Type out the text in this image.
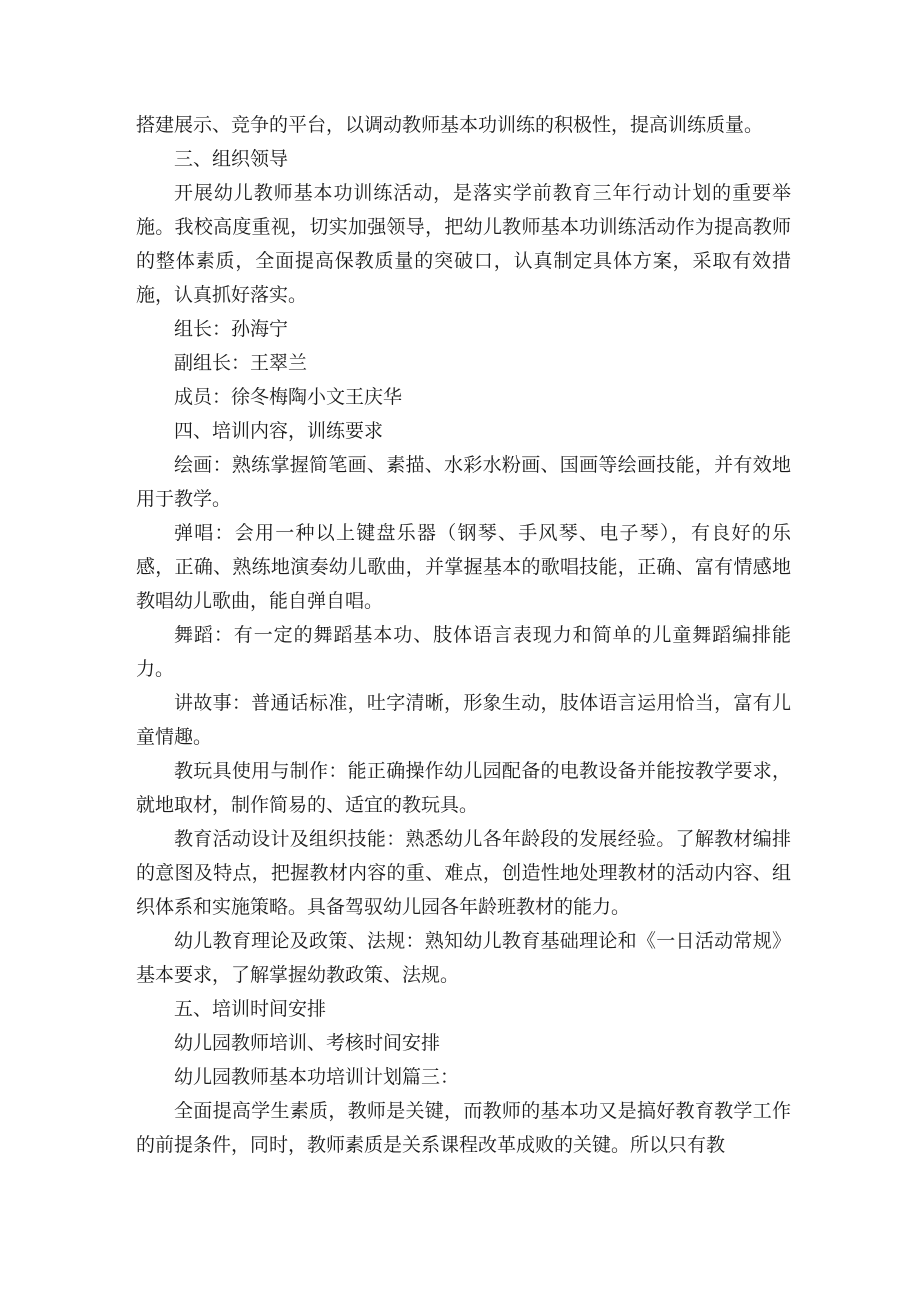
搭建展示、竞争的平台，以调动教师基本功训练的积极性，提高训练质量。

三、组织领导

开展幼儿教师基本功训练活动，是落实学前教育三年行动计划的重要举施。我校高度重视，切实加强领导，把幼儿教师基本功训练活动作为提高教师的整体素质，全面提高保教质量的突破口，认真制定具体方案，采取有效措施，认真抓好落实。

组长：孙海宁

副组长：王翠兰

成员：徐冬梅陶小文王庆华

四、培训内容，训练要求

绘画：熟练掌握简笔画、素描、水彩水粉画、国画等绘画技能，并有效地用于教学。

弹唱：会用一种以上键盘乐器（钢琴、手风琴、电子琴），有良好的乐感，正确、熟练地演奏幼儿歌曲，并掌握基本的歌唱技能，正确、富有情感地教唱幼儿歌曲，能自弹自唱。

舞蹈：有一定的舞蹈基本功、肢体语言表现力和简单的儿童舞蹈编排能力。

讲故事：普通话标准，吐字清晰，形象生动，肢体语言运用恰当，富有儿童情趣。

教玩具使用与制作：能正确操作幼儿园配备的电教设备并能按教学要求，就地取材，制作简易的、适宜的教玩具。

教育活动设计及组织技能：熟悉幼儿各年龄段的发展经验。了解教材编排的意图及特点，把握教材内容的重、难点，创造性地处理教材的活动内容、组织体系和实施策略。具备驾驭幼儿园各年龄班教材的能力。

幼儿教育理论及政策、法规：熟知幼儿教育基础理论和《一日活动常规》基本要求，了解掌握幼教政策、法规。

五、培训时间安排

幼儿园教师培训、考核时间安排

幼儿园教师基本功培训计划篇三：

全面提高学生素质，教师是关键，而教师的基本功又是搞好教育教学工作的前提条件，同时，教师素质是关系课程改革成败的关键。所以只有教
